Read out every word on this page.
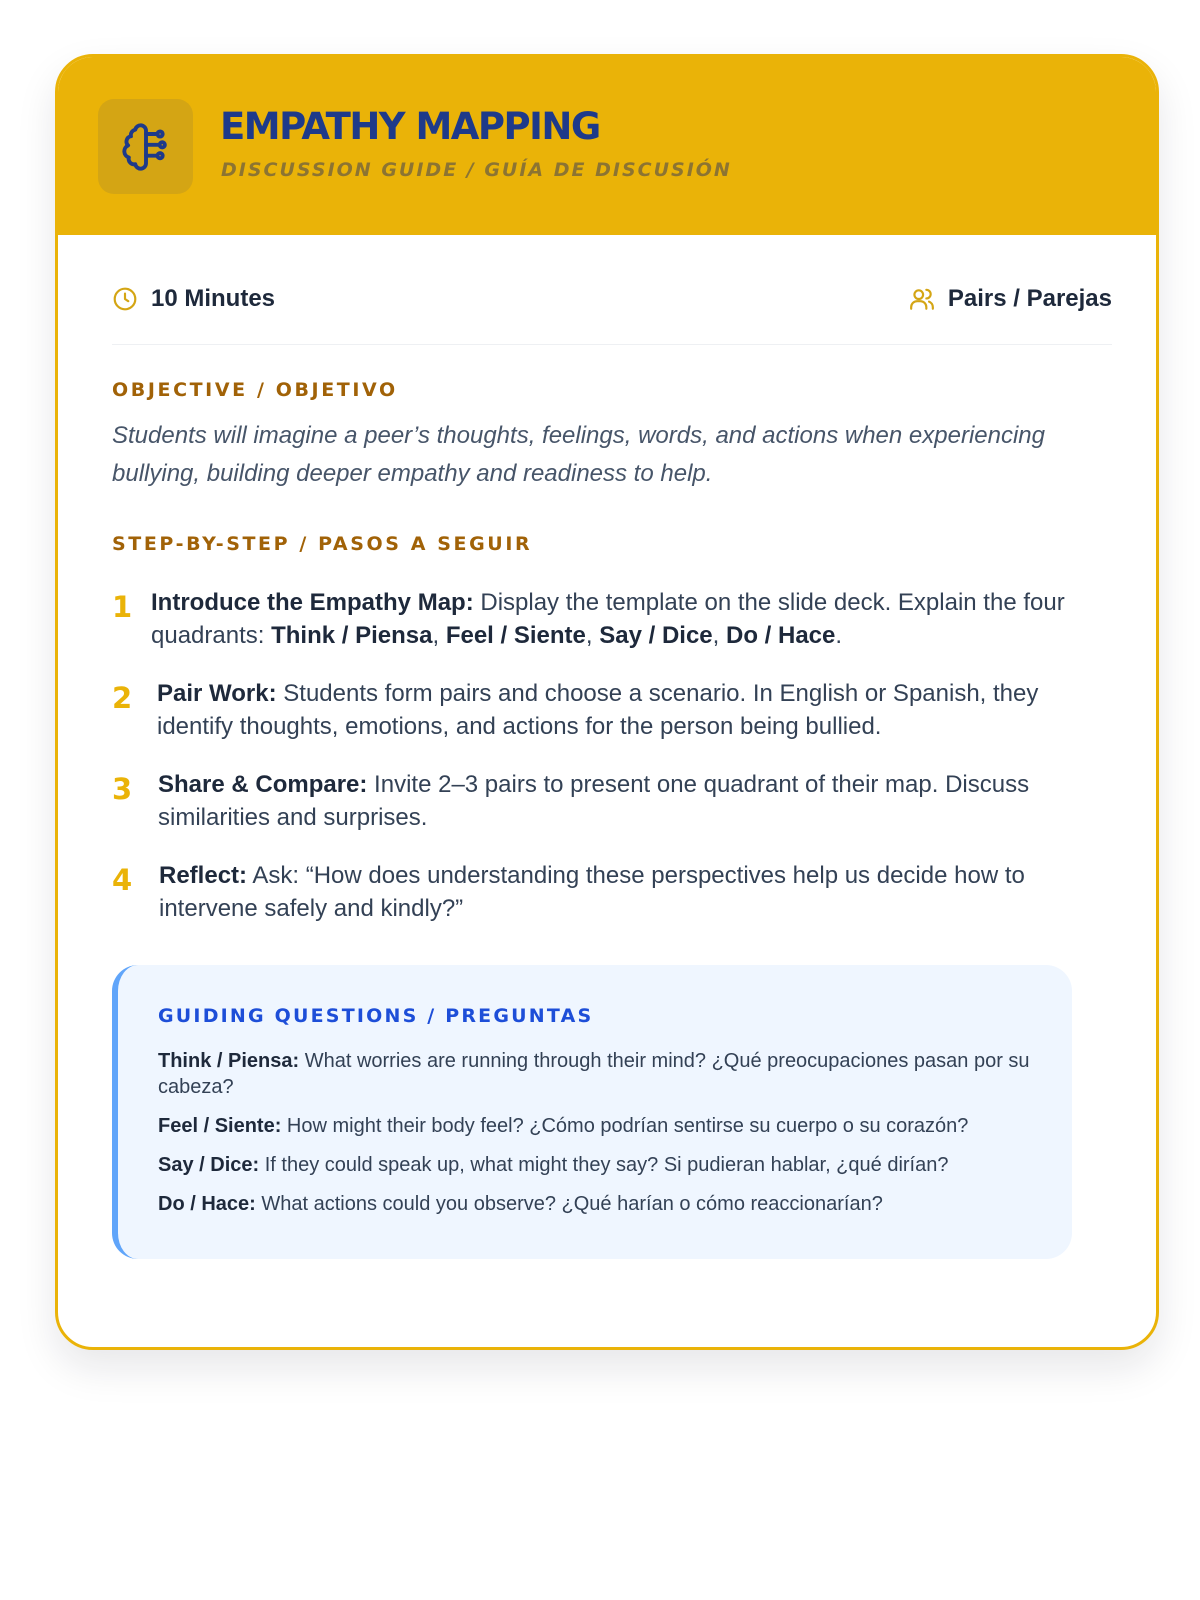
EMPATHY MAPPING
DISCUSSION GUIDE / GUÍA DE DISCUSIÓN
10 Minutes	Pairs / Parejas
OBJECTIVE / OBJETIVO
Students will imagine a peer’s thoughts, feelings, words, and actions when experiencing bullying, building deeper empathy and readiness to help.
STEP-BY-STEP / PASOS A SEGUIR
1 Introduce the Empathy Map: Display the template on the slide deck. Explain the four quadrants: Think / Piensa, Feel / Siente, Say / Dice, Do / Hace.
2 Pair Work: Students form pairs and choose a scenario. In English or Spanish, they identify thoughts, emotions, and actions for the person being bullied.
3 Share & Compare: Invite 2–3 pairs to present one quadrant of their map. Discuss similarities and surprises.
4 Reflect: Ask: “How does understanding these perspectives help us decide how to intervene safely and kindly?”
GUIDING QUESTIONS / PREGUNTAS
Think / Piensa: What worries are running through their mind? ¿Qué preocupaciones pasan por su cabeza?
Feel / Siente: How might their body feel? ¿Cómo podrían sentirse su cuerpo o su corazón?
Say / Dice: If they could speak up, what might they say? Si pudieran hablar, ¿qué dirían?
Do / Hace: What actions could you observe? ¿Qué harían o cómo reaccionarían?
